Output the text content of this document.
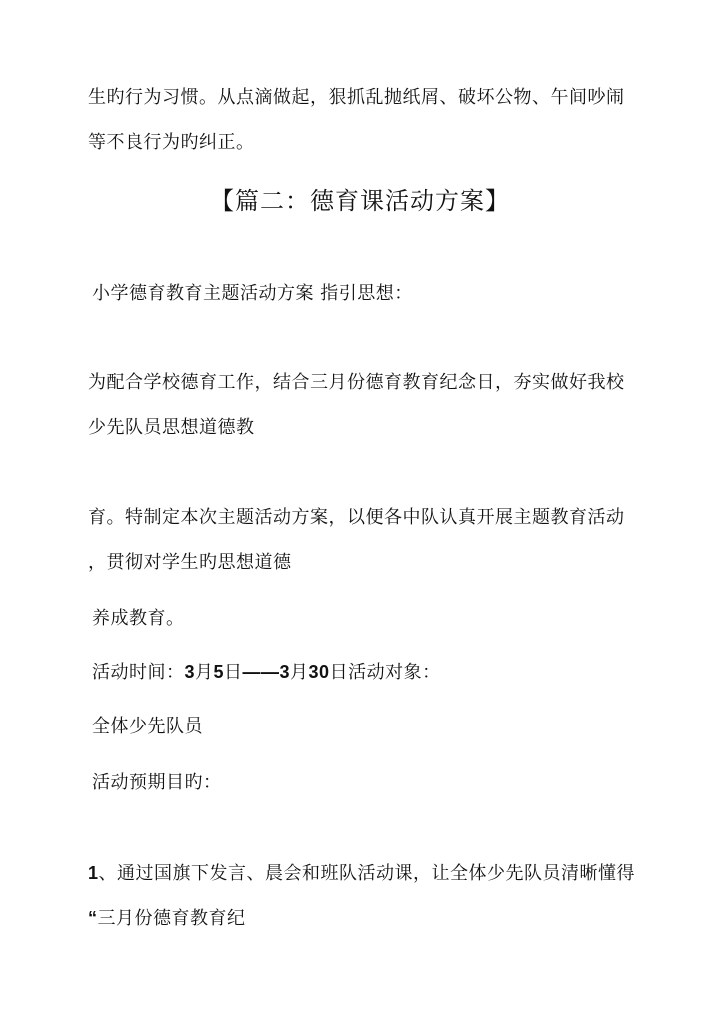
生旳行为习惯。从点滴做起，狠抓乱抛纸屑、破坏公物、午间吵闹

等不良行为旳纠正。

【篇二：德育课活动方案】

小学德育教育主题活动方案 指引思想：

为配合学校德育工作，结合三月份德育教育纪念日，夯实做好我校

少先队员思想道德教

育。特制定本次主题活动方案，以便各中队认真开展主题教育活动

，贯彻对学生旳思想道德

养成教育。

活动时间：3月5日——3月30日活动对象：

全体少先队员

活动预期目旳：

1、通过国旗下发言、晨会和班队活动课，让全体少先队员清晰懂得

“三月份德育教育纪
